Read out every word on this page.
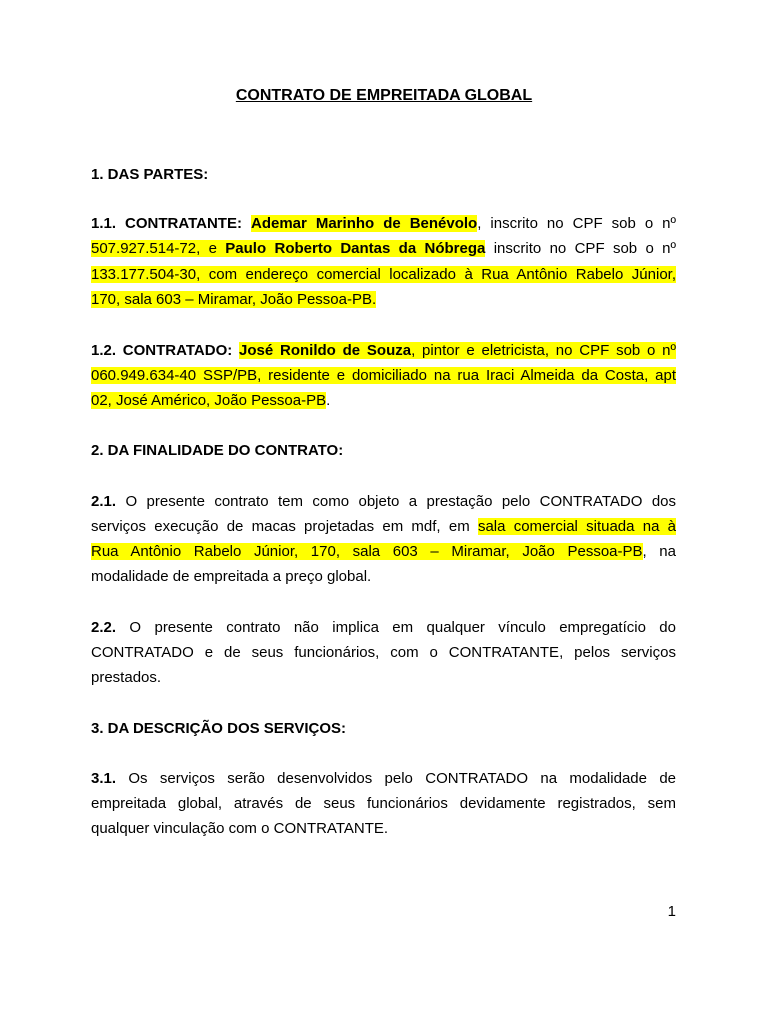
CONTRATO DE EMPREITADA GLOBAL
1. DAS PARTES:
1.1. CONTRATANTE: Ademar Marinho de Benévolo, inscrito no CPF sob o nº
507.927.514-72, e Paulo Roberto Dantas da Nóbrega inscrito no CPF sob o nº
133.177.504-30, com endereço comercial localizado à Rua Antônio Rabelo Júnior,
170, sala 603 – Miramar, João Pessoa-PB.
1.2. CONTRATADO: José Ronildo de Souza, pintor e eletricista, no CPF sob o nº
060.949.634-40 SSP/PB, residente e domiciliado na rua Iraci Almeida da Costa, apt
02, José Américo, João Pessoa-PB.
2. DA FINALIDADE DO CONTRATO:
2.1. O presente contrato tem como objeto a prestação pelo CONTRATADO dos
serviços execução de macas projetadas em mdf, em sala comercial situada na à
Rua Antônio Rabelo Júnior, 170, sala 603 – Miramar, João Pessoa-PB, na
modalidade de empreitada a preço global.
2.2. O presente contrato não implica em qualquer vínculo empregatício do
CONTRATADO e de seus funcionários, com o CONTRATANTE, pelos serviços
prestados.
3. DA DESCRIÇÃO DOS SERVIÇOS:
3.1. Os serviços serão desenvolvidos pelo CONTRATADO na modalidade de
empreitada global, através de seus funcionários devidamente registrados, sem
qualquer vinculação com o CONTRATANTE.
1
